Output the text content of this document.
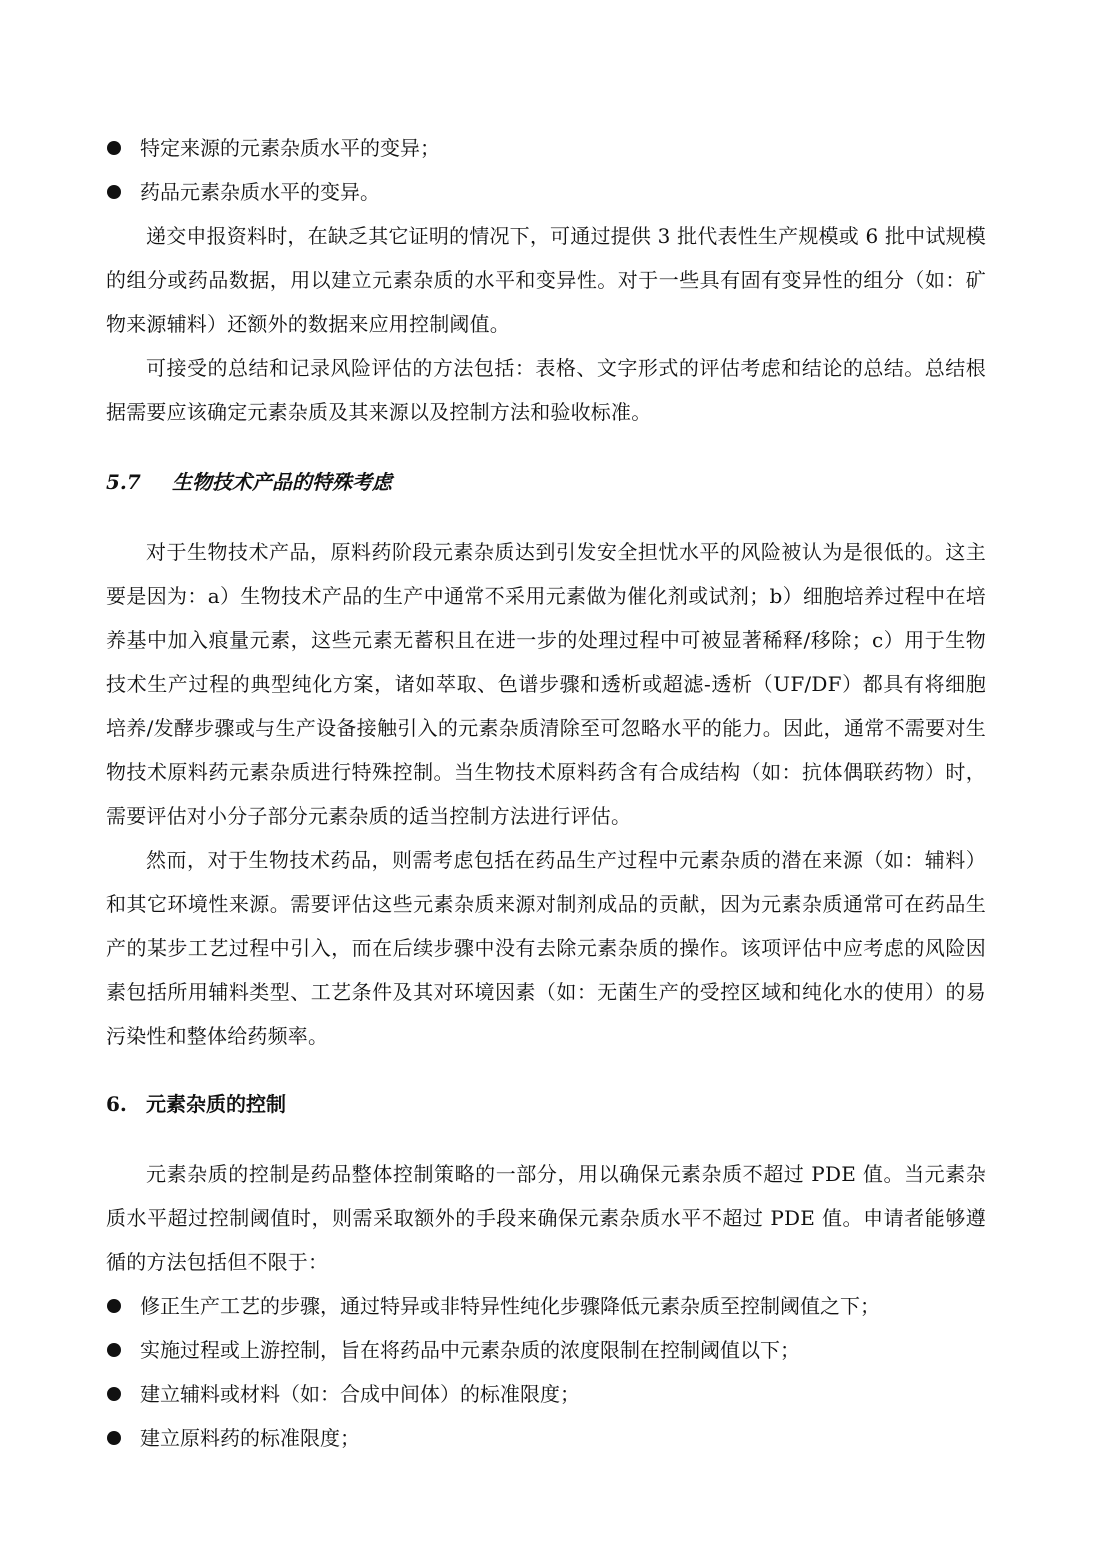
特定来源的元素杂质水平的变异；
药品元素杂质水平的变异。

递交申报资料时，在缺乏其它证明的情况下，可通过提供 3 批代表性生产规模或 6 批中试规模的组分或药品数据，用以建立元素杂质的水平和变异性。对于一些具有固有变异性的组分（如：矿物来源辅料）还额外的数据来应用控制阈值。

可接受的总结和记录风险评估的方法包括：表格、文字形式的评估考虑和结论的总结。总结根据需要应该确定元素杂质及其来源以及控制方法和验收标准。

5.7 生物技术产品的特殊考虑

对于生物技术产品，原料药阶段元素杂质达到引发安全担忧水平的风险被认为是很低的。这主要是因为：a）生物技术产品的生产中通常不采用元素做为催化剂或试剂；b）细胞培养过程中在培养基中加入痕量元素，这些元素无蓄积且在进一步的处理过程中可被显著稀释/移除；c）用于生物技术生产过程的典型纯化方案，诸如萃取、色谱步骤和透析或超滤-透析（UF/DF）都具有将细胞培养/发酵步骤或与生产设备接触引入的元素杂质清除至可忽略水平的能力。因此，通常不需要对生物技术原料药元素杂质进行特殊控制。当生物技术原料药含有合成结构（如：抗体偶联药物）时，需要评估对小分子部分元素杂质的适当控制方法进行评估。

然而，对于生物技术药品，则需考虑包括在药品生产过程中元素杂质的潜在来源（如：辅料）和其它环境性来源。需要评估这些元素杂质来源对制剂成品的贡献，因为元素杂质通常可在药品生产的某步工艺过程中引入，而在后续步骤中没有去除元素杂质的操作。该项评估中应考虑的风险因素包括所用辅料类型、工艺条件及其对环境因素（如：无菌生产的受控区域和纯化水的使用）的易污染性和整体给药频率。

6. 元素杂质的控制

元素杂质的控制是药品整体控制策略的一部分，用以确保元素杂质不超过 PDE 值。当元素杂质水平超过控制阈值时，则需采取额外的手段来确保元素杂质水平不超过 PDE 值。申请者能够遵循的方法包括但不限于：

修正生产工艺的步骤，通过特异或非特异性纯化步骤降低元素杂质至控制阈值之下；
实施过程或上游控制，旨在将药品中元素杂质的浓度限制在控制阈值以下；
建立辅料或材料（如：合成中间体）的标准限度；
建立原料药的标准限度；
